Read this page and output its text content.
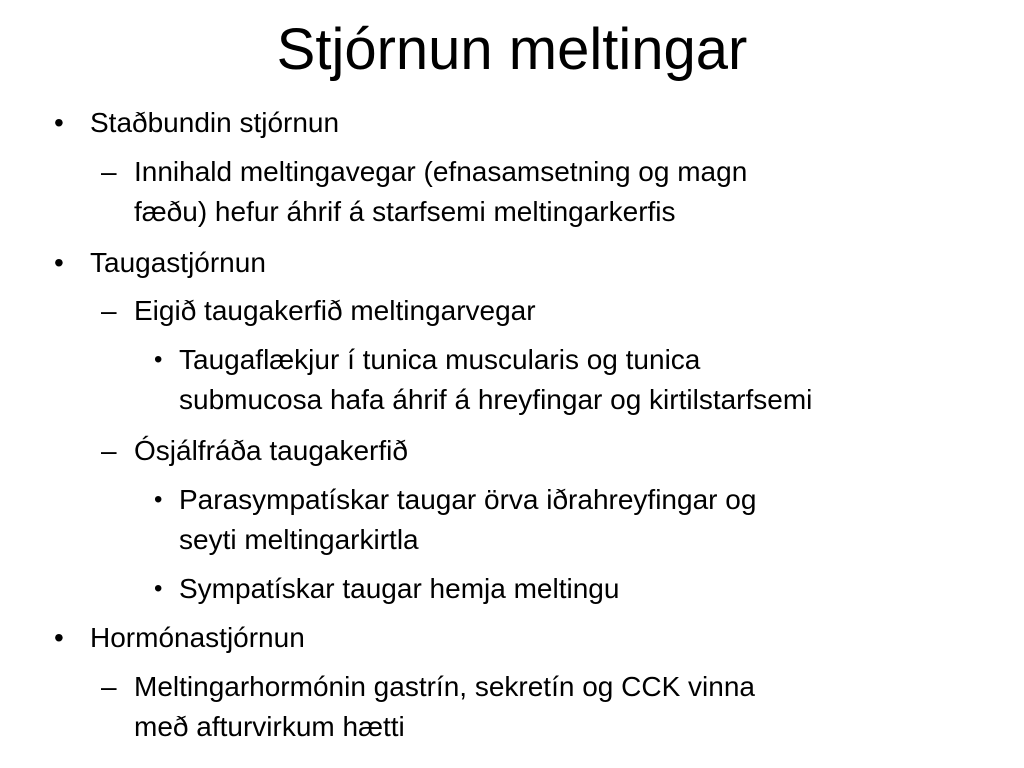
Stjórnun meltingar
• Staðbundin stjórnun
– Innihald meltingavegar (efnasamsetning og magn
fæðu) hefur áhrif á starfsemi meltingarkerfis
• Taugastjórnun
– Eigið taugakerfið meltingarvegar
• Taugaflækjur í tunica muscularis og tunica
submucosa hafa áhrif á hreyfingar og kirtilstarfsemi
– Ósjálfráða taugakerfið
• Parasympatískar taugar örva iðrahreyfingar og
seyti meltingarkirtla
• Sympatískar taugar hemja meltingu
• Hormónastjórnun
– Meltingarhormónin gastrín, sekretín og CCK vinna
með afturvirkum hætti
